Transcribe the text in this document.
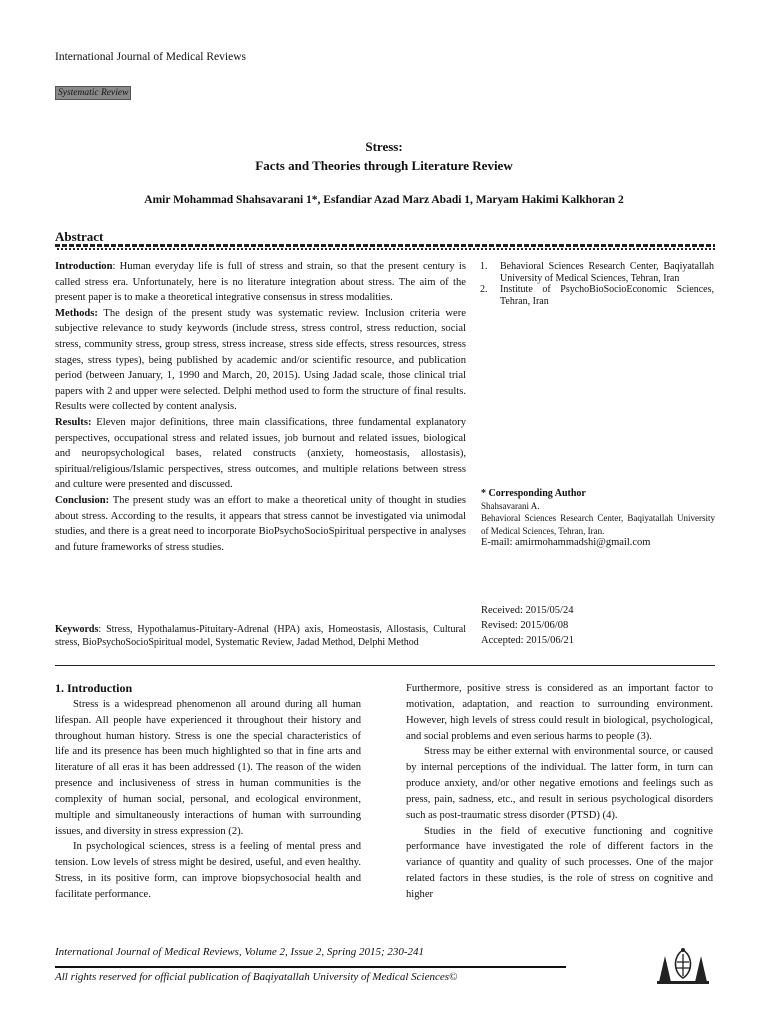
International Journal of Medical Reviews
Systematic Review
Stress:
Facts and Theories through Literature Review
Amir Mohammad Shahsavarani 1*, Esfandiar Azad Marz Abadi 1, Maryam Hakimi Kalkhoran 2
Abstract

Introduction: Human everyday life is full of stress and strain, so that the present century is called stress era. Unfortunately, here is no literature integration about stress. The aim of the present paper is to make a theoretical integrative consensus in stress modalities.

Methods: The design of the present study was systematic review. Inclusion criteria were subjective relevance to study keywords (include stress, stress control, stress reduction, social stress, community stress, group stress, stress increase, stress side effects, stress resources, stress stages, stress types), being published by academic and/or scientific resource, and publication period (between January, 1, 1990 and March, 20, 2015). Using Jadad scale, those clinical trial papers with 2 and upper were selected. Delphi method used to form the structure of final results. Results were collected by content analysis.

Results: Eleven major definitions, three main classifications, three fundamental explanatory perspectives, occupational stress and related issues, job burnout and related issues, biological and neuropsychological bases, related constructs (anxiety, homeostasis, allostasis), spiritual/religious/Islamic perspectives, stress outcomes, and multiple relations between stress and culture were presented and discussed.

Conclusion: The present study was an effort to make a theoretical unity of thought in studies about stress. According to the results, it appears that stress cannot be investigated via unimodal studies, and there is a great need to incorporate BioPsychoSocioSpiritual perspective in analyses and future frameworks of stress studies.

Keywords: Stress, Hypothalamus-Pituitary-Adrenal (HPA) axis, Homeostasis, Allostasis, Cultural stress, BioPsychoSocioSpiritual model, Systematic Review, Jadad Method, Delphi Method
1.	Behavioral Sciences Research Center, Baqiyatallah University of Medical Sciences, Tehran, Iran
2.	Institute of PsychoBioSocioEconomic Sciences, Tehran, Iran
* Corresponding Author
Shahsavarani A.
Behavioral Sciences Research Center, Baqiyatallah University of Medical Sciences, Tehran, Iran.
E-mail: amirmohammadshi@gmail.com
Received: 2015/05/24
Revised: 2015/06/08
Accepted: 2015/06/21
1. Introduction

Stress is a widespread phenomenon all around during all human lifespan. All people have experienced it throughout their history and throughout human history. Stress is one the special characteristics of life and its presence has been much highlighted so that in fine arts and literature of all eras it has been addressed (1). The reason of the widen presence and inclusiveness of stress in human communities is the complexity of human social, personal, and ecological environment, multiple and simultaneously interactions of human with surrounding issues, and diversity in stress expression (2).

In psychological sciences, stress is a feeling of mental press and tension. Low levels of stress might be desired, useful, and even healthy. Stress, in its positive form, can improve biopsychosocial health and facilitate performance.

Furthermore, positive stress is considered as an important factor to motivation, adaptation, and reaction to surrounding environment. However, high levels of stress could result in biological, psychological, and social problems and even serious harms to people (3).

Stress may be either external with environmental source, or caused by internal perceptions of the individual. The latter form, in turn can produce anxiety, and/or other negative emotions and feelings such as press, pain, sadness, etc., and result in serious psychological disorders such as post-traumatic stress disorder (PTSD) (4).

Studies in the field of executive functioning and cognitive performance have investigated the role of different factors in the variance of quantity and quality of such processes. One of the major related factors in these studies, is the role of stress on cognitive and higher

International Journal of Medical Reviews, Volume 2, Issue 2, Spring 2015; 230-241
All rights reserved for official publication of Baqiyatallah University of Medical Sciences©
